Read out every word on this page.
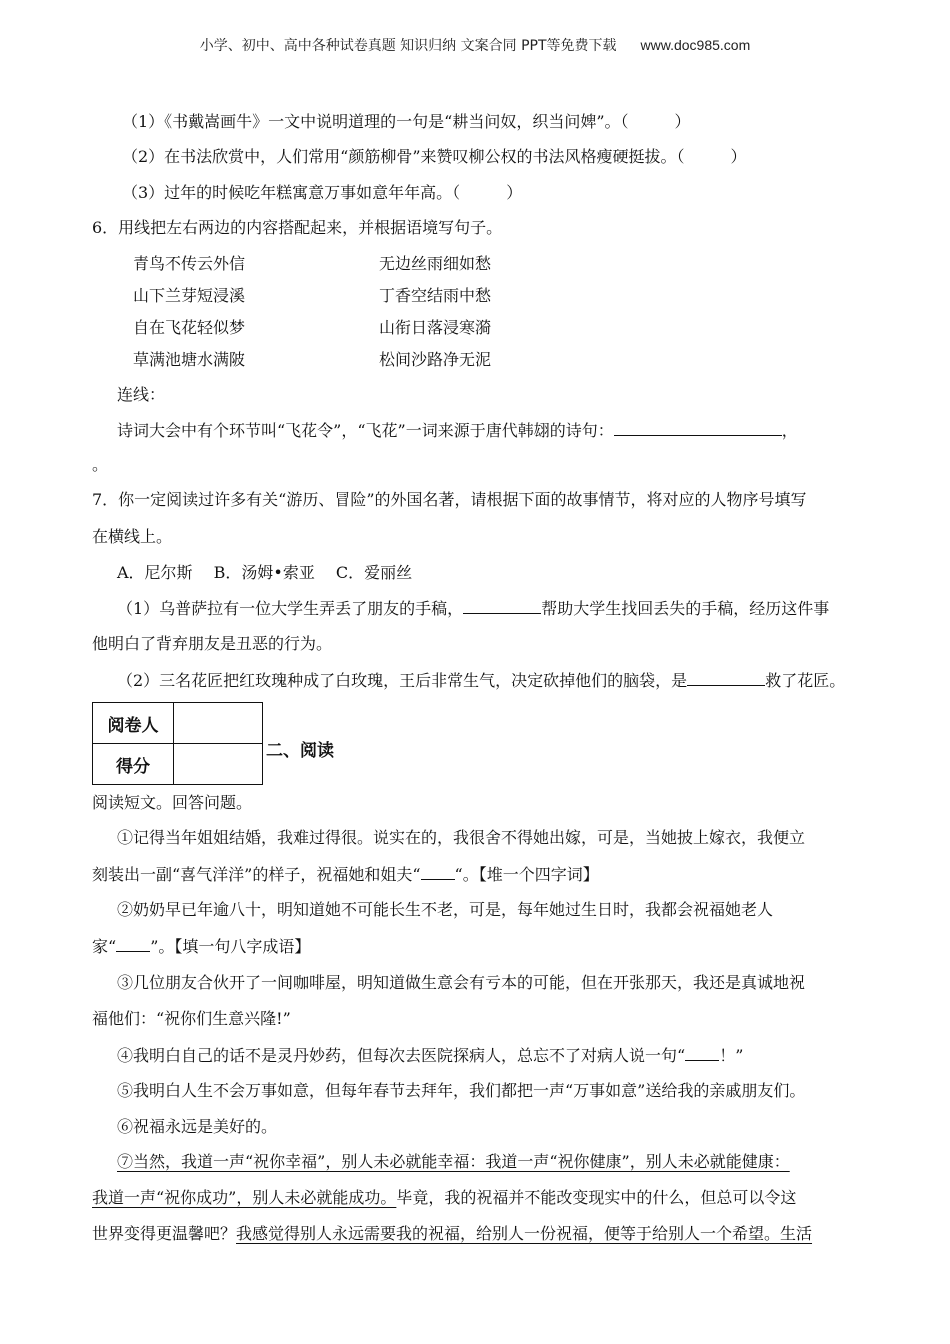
小学、初中、高中各种试卷真题 知识归纳 文案合同 PPT等免费下载 www.doc985.com
（1）《书戴嵩画牛》一文中说明道理的一句是“耕当问奴，织当问婢”。（	）
（2）在书法欣赏中，人们常用“颜筋柳骨”来赞叹柳公权的书法风格瘦硬挺拔。（	）
（3）过年的时候吃年糕寓意万事如意年年高。（	）
6．用线把左右两边的内容搭配起来，并根据语境写句子。
青鸟不传云外信	无边丝雨细如愁
山下兰芽短浸溪	丁香空结雨中愁
自在飞花轻似梦	山衔日落浸寒漪
草满池塘水满陂	松间沙路净无泥
连线：
诗词大会中有个环节叫“飞花令”，“飞花”一词来源于唐代韩翃的诗句：	，
。
7．你一定阅读过许多有关“游历、冒险”的外国名著，请根据下面的故事情节，将对应的人物序号填写
在横线上。
A．尼尔斯　 B．汤姆•索亚　 C．爱丽丝
（1）乌普萨拉有一位大学生弄丢了朋友的手稿，	帮助大学生找回丢失的手稿，经历这件事
他明白了背弃朋友是丑恶的行为。
（2）三名花匠把红玫瑰种成了白玫瑰，王后非常生气，决定砍掉他们的脑袋，是	救了花匠。
阅卷人	
得分	
二、阅读
阅读短文。回答问题。
①记得当年姐姐结婚，我难过得很。说实在的，我很舍不得她出嫁，可是，当她披上嫁衣，我便立
刻装出一副“喜气洋洋”的样子，祝福她和姐夫“ “。【堆一个四字词】
②奶奶早已年逾八十，明知道她不可能长生不老，可是，每年她过生日时，我都会祝福她老人
家“ ”。【填一句八字成语】
③几位朋友合伙开了一间咖啡屋，明知道做生意会有亏本的可能，但在开张那天，我还是真诚地祝
福他们：“祝你们生意兴隆!”
④我明白自己的话不是灵丹妙药，但每次去医院探病人，总忘不了对病人说一句“ ！”
⑤我明白人生不会万事如意，但每年春节去拜年，我们都把一声“万事如意”送给我的亲戚朋友们。
⑥祝福永远是美好的。
⑦当然，我道一声“祝你幸福”，别人未必就能幸福：我道一声“祝你健康”，别人未必就能健康：
我道一声“祝你成功”，别人未必就能成功。毕竟，我的祝福并不能改变现实中的什么，但总可以令这
世界变得更温馨吧？我感觉得别人永远需要我的祝福，给别人一份祝福，便等于给别人一个希望。生活
